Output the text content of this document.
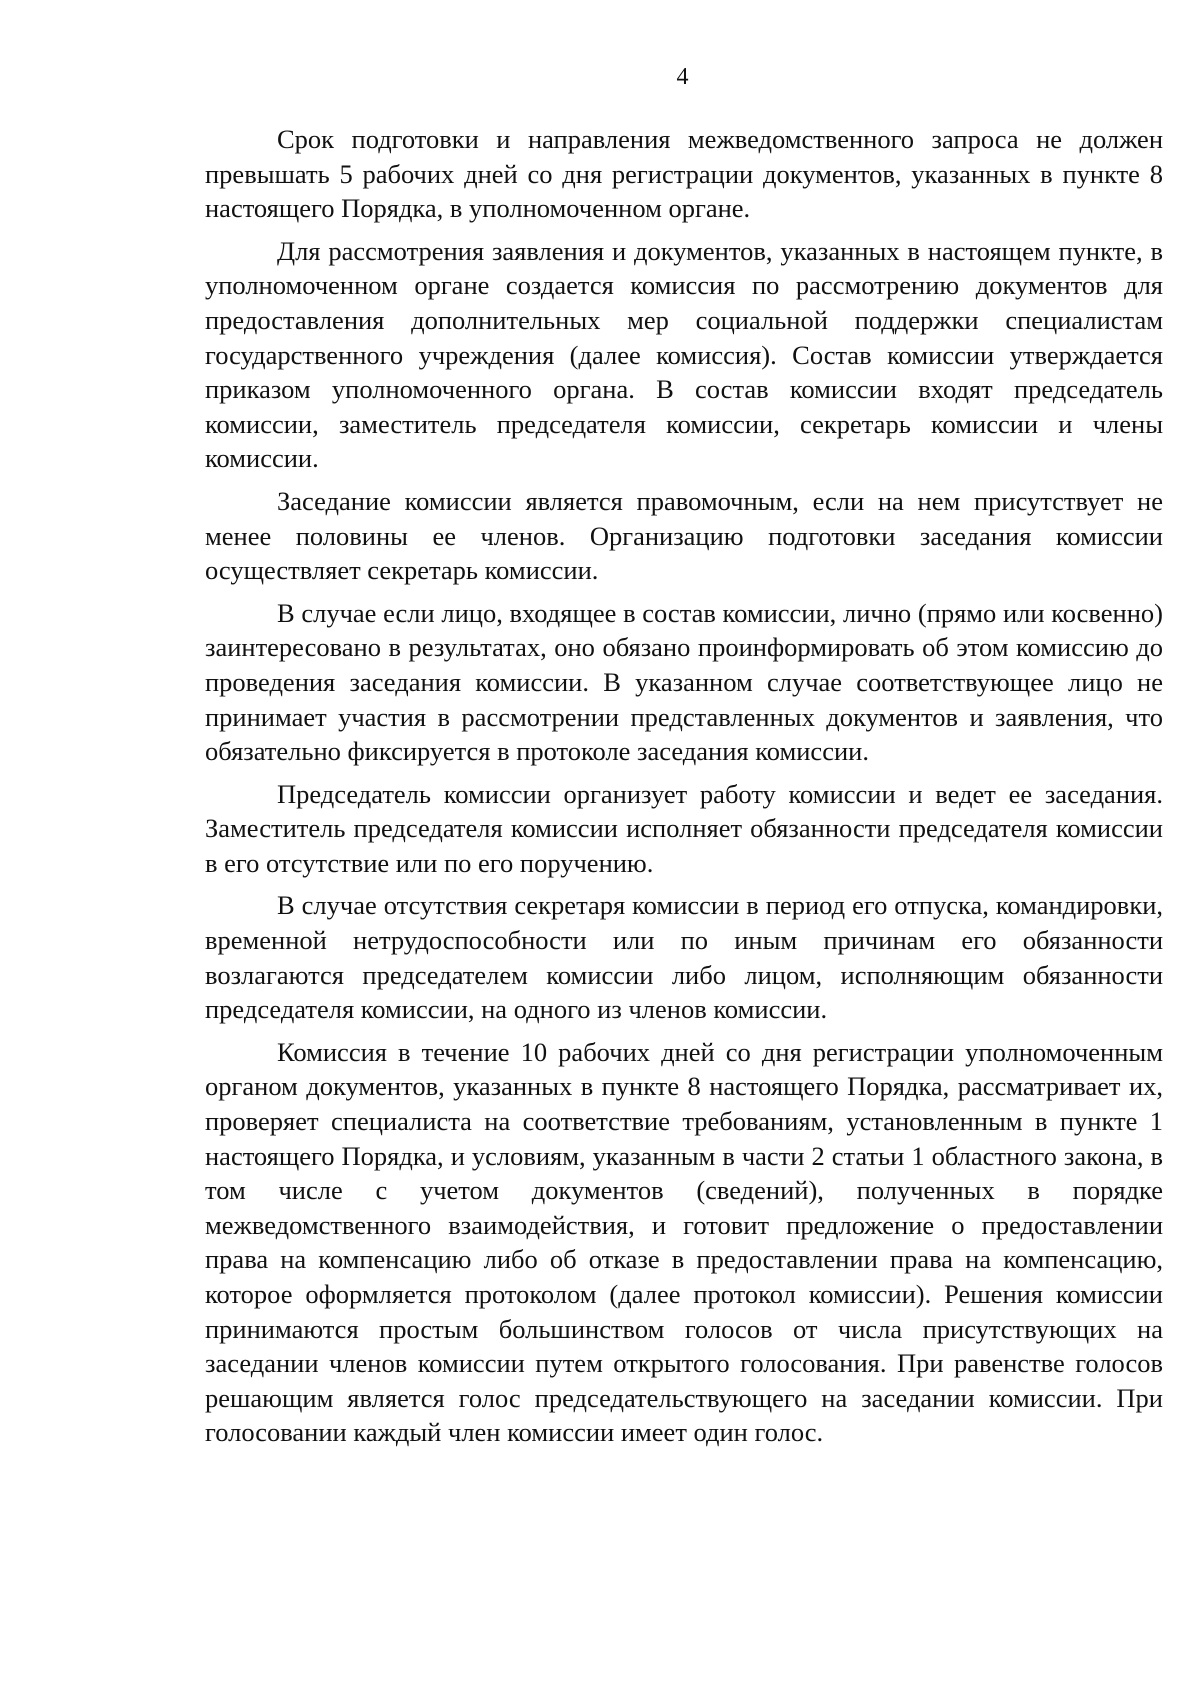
4

Срок подготовки и направления межведомственного запроса не должен превышать 5 рабочих дней со дня регистрации документов, указанных в пункте 8 настоящего Порядка, в уполномоченном органе.

Для рассмотрения заявления и документов, указанных в настоящем пункте, в уполномоченном органе создается комиссия по рассмотрению документов для предоставления дополнительных мер социальной поддержки специалистам государственного учреждения (далее комиссия). Состав комиссии утверждается приказом уполномоченного органа. В состав комиссии входят председатель комиссии, заместитель председателя комиссии, секретарь комиссии и члены комиссии.

Заседание комиссии является правомочным, если на нем присутствует не менее половины ее членов. Организацию подготовки заседания комиссии осуществляет секретарь комиссии.

В случае если лицо, входящее в состав комиссии, лично (прямо или косвенно) заинтересовано в результатах, оно обязано проинформировать об этом комиссию до проведения заседания комиссии. В указанном случае соответствующее лицо не принимает участия в рассмотрении представленных документов и заявления, что обязательно фиксируется в протоколе заседания комиссии.

Председатель комиссии организует работу комиссии и ведет ее заседания. Заместитель председателя комиссии исполняет обязанности председателя комиссии в его отсутствие или по его поручению.

В случае отсутствия секретаря комиссии в период его отпуска, командировки, временной нетрудоспособности или по иным причинам его обязанности возлагаются председателем комиссии либо лицом, исполняющим обязанности председателя комиссии, на одного из членов комиссии.

Комиссия в течение 10 рабочих дней со дня регистрации уполномоченным органом документов, указанных в пункте 8 настоящего Порядка, рассматривает их, проверяет специалиста на соответствие требованиям, установленным в пункте 1 настоящего Порядка, и условиям, указанным в части 2 статьи 1 областного закона, в том числе с учетом документов (сведений), полученных в порядке межведомственного взаимодействия, и готовит предложение о предоставлении права на компенсацию либо об отказе в предоставлении права на компенсацию, которое оформляется протоколом (далее протокол комиссии). Решения комиссии принимаются простым большинством голосов от числа присутствующих на заседании членов комиссии путем открытого голосования. При равенстве голосов решающим является голос председательствующего на заседании комиссии. При голосовании каждый член комиссии имеет один голос.
